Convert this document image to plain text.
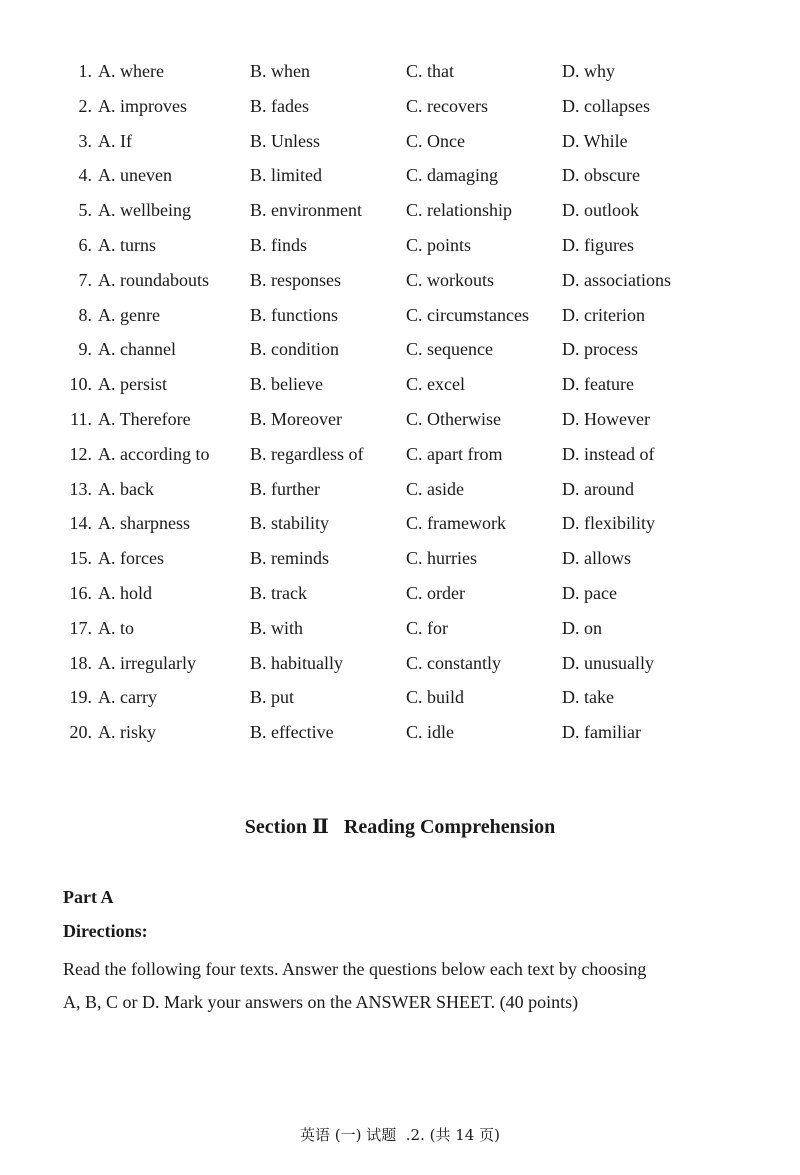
1. A. where	B. when	C. that	D. why
2. A. improves	B. fades	C. recovers	D. collapses
3. A. If	B. Unless	C. Once	D. While
4. A. uneven	B. limited	C. damaging	D. obscure
5. A. wellbeing	B. environment C. relationship	D. outlook
6. A. turns	B. finds	C. points	D. figures
7. A. roundabouts B. responses	C. workouts	D. associations
8. A. genre	B. functions	C. circumstances D. criterion
9. A. channel	B. condition	C. sequence	D. process
10. A. persist	B. believe	C. excel	D. feature
11. A. Therefore	B. Moreover	C. Otherwise	D. However
12. A. according to B. regardless of C. apart from	D. instead of
13. A. back	B. further	C. aside	D. around
14. A. sharpness	B. stability	C. framework	D. flexibility
15. A. forces	B. reminds	C. hurries	D. allows
16. A. hold	B. track	C. order	D. pace
17. A. to	B. with	C. for	D. on
18. A. irregularly	B. habitually	C. constantly	D. unusually
19. A. carry	B. put	C. build	D. take
20. A. risky	B. effective	C. idle	D. familiar
Section Ⅱ   Reading Comprehension
Part A
Directions:
Read the following four texts. Answer the questions below each text by choosing
A, B, C or D. Mark your answers on the ANSWER SHEET. (40 points)
英语 (一) 试题  .2. (共 14 页)
